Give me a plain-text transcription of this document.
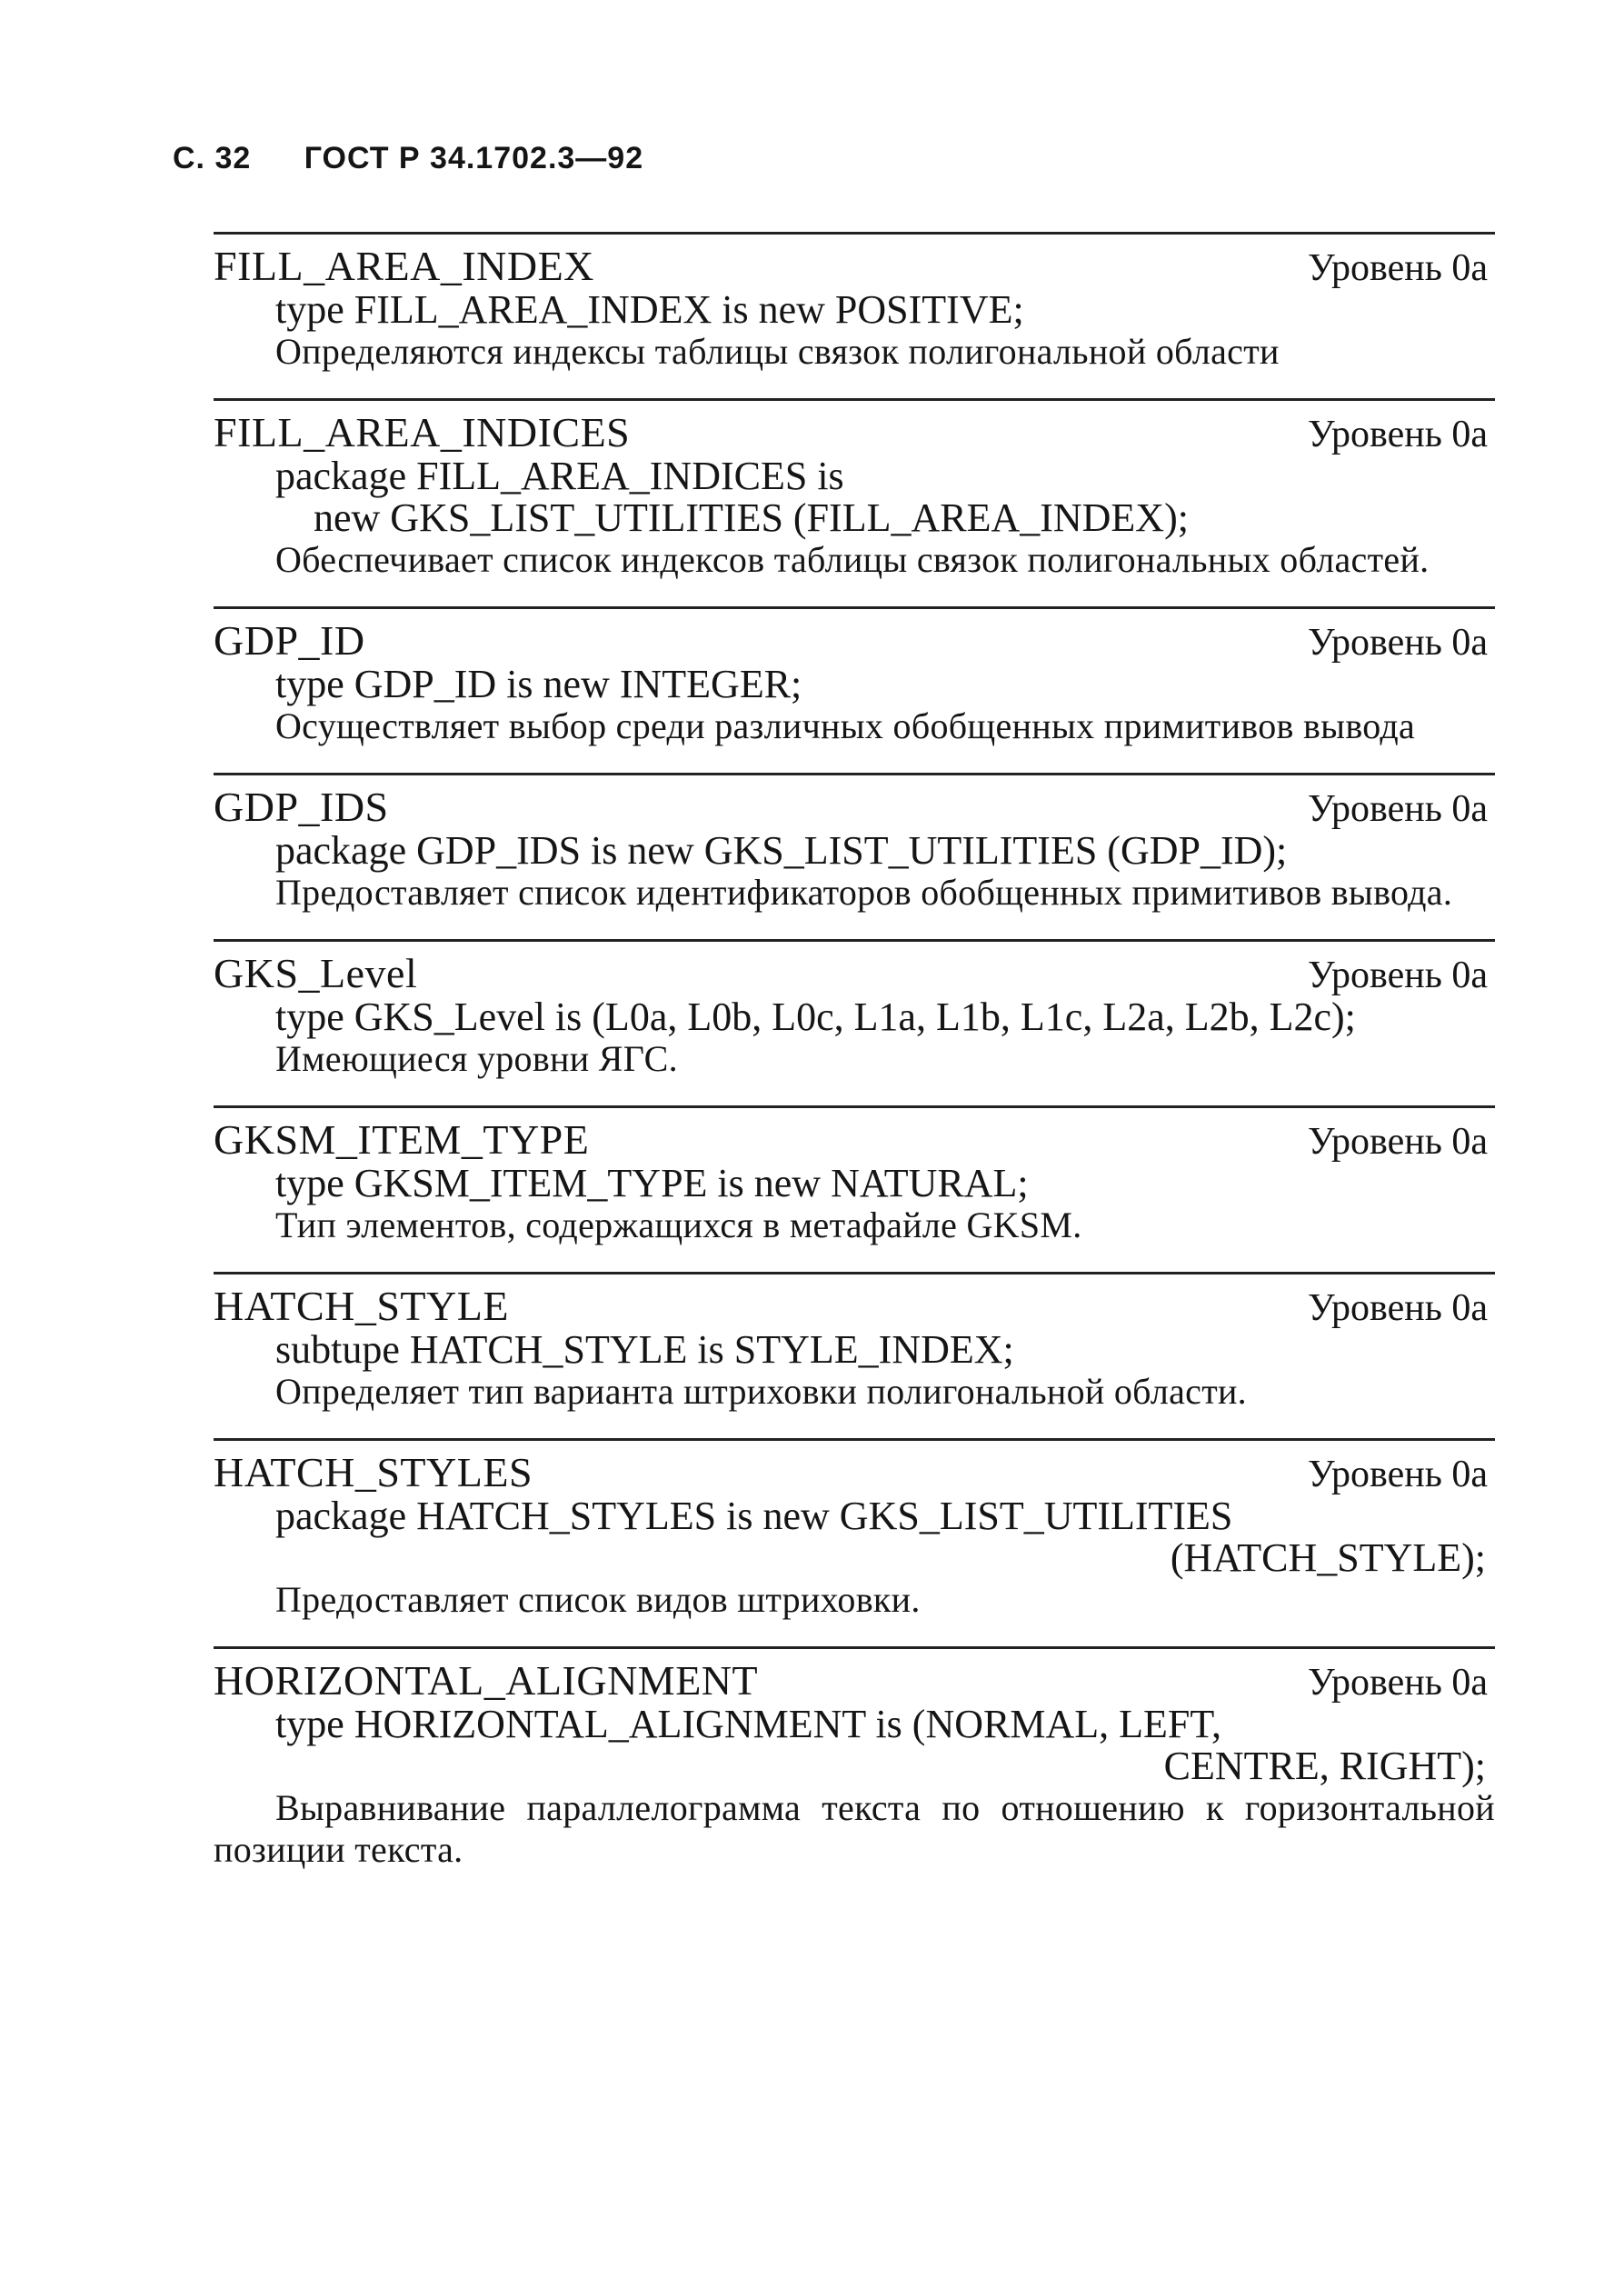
С. 32 ГОСТ Р 34.1702.3—92
FILL_AREA_INDEX	Уровень 0а
type FILL_AREA_INDEX is new POSITIVE;

Определяются индексы таблицы связок полигональной области

FILL_AREA_INDICES	Уровень 0а
package FILL_AREA_INDICES is
new GKS_LIST_UTILITIES (FILL_AREA_INDEX);

Обеспечивает список индексов таблицы связок полигональных областей.

GDP_ID	Уровень 0а
type GDP_ID is new INTEGER;

Осуществляет выбор среди различных обобщенных примитивов вывода

GDP_IDS	Уровень 0а
package GDP_IDS is new GKS_LIST_UTILITIES (GDP_ID);

Предоставляет список идентификаторов обобщенных примитивов вывода.

GKS_Level	Уровень 0а
type GKS_Level is (L0a, L0b, L0c, L1a, L1b, L1c, L2a, L2b, L2c);

Имеющиеся уровни ЯГС.

GKSM_ITEM_TYPE	Уровень 0а
type GKSM_ITEM_TYPE is new NATURAL;

Тип элементов, содержащихся в метафайле GKSM.

HATCH_STYLE	Уровень 0а
subtupe HATCH_STYLE is STYLE_INDEX;

Определяет тип варианта штриховки полигональной области.

HATCH_STYLES	Уровень 0а
package HATCH_STYLES is new GKS_LIST_UTILITIES
(HATCH_STYLE);

Предоставляет список видов штриховки.

HORIZONTAL_ALIGNMENT	Уровень 0а
type HORIZONTAL_ALIGNMENT is (NORMAL, LEFT,
CENTRE, RIGHT);

Выравнивание параллелограмма текста по отношению к горизонтальной позиции текста.
